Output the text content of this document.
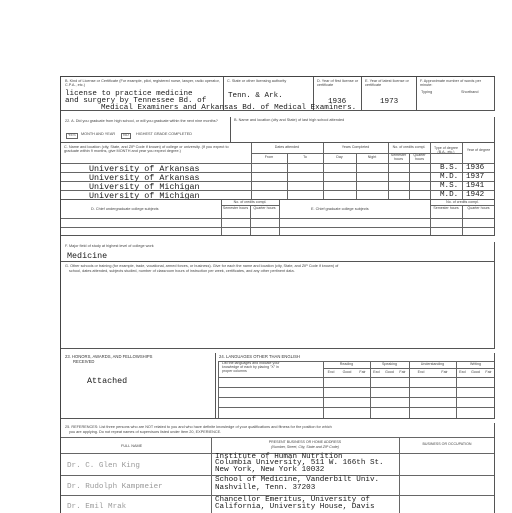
B. Kind of License or Certificate (For example, pilot, registered nurse, lawyer, radio operator, C.P.A., etc.)
license to practice medicine
and surgery by Tennessee Bd. of
C. State or other licensing authority
Tenn. & Ark.
D. Year of first license or certificate
1936
E. Year of latest license or certificate
1973
F. Approximate number of words per minute:
Typing	Shorthand
Medical Examiners and Arkansas Bd. of Medical Examiners.
22. A. Did you graduate from high school, or will you graduate within the next nine months?
YES	MONTH AND YEAR	NO	HIGHEST GRADE COMPLETED
B. Name and location (city and State) of last high school attended
C. Name and location (city, State, and ZIP Code if known) of college or university. (If you expect to graduate within 9 months, give MONTH and year you expect degree.)
Dates attended
From	To
Years Completed
Day	Night
No. of credits compl.
Semester hours
Quarter hours
Type of degree (B.A., etc.)	Year of degree
University of Arkansas	B.S. 1936
University of Arkansas	M.D. 1937
University of Michigan	M.S. 1941
University of Michigan	M.D. 1942
D. Chief undergraduate college subjects
No. of credits compl.
Semester hours	Quarter hours	E. Chief graduate college subjects
No. of credits compl.
Semester hours	Quarter hours
F. Major field of study at highest level of college work
Medicine
G. Other schools or training (for example, trade, vocational, armed forces, or business). Give for each the name and location (city, State, and ZIP Code if known) of
school, dates attended, subjects studied, number of classroom hours of instruction per week, certificates, and any other pertinent data.
23. HONORS, AWARDS, AND FELLOWSHIPS
RECEIVED
Attached
24. LANGUAGES OTHER THAN ENGLISH
List the languages and indicate your knowledge of each by placing "X" in proper columns
Reading	Speaking	Understanding	Writing
Excl	Good	Fair	Excl	Good	Fair	Excl	Fair	Excl	Good	Fair
25. REFERENCES: List three persons who are NOT related to you and who have definite knowledge of your qualifications and fitness for the position for which
you are applying. Do not repeat names of supervisors listed under Item 20, EXPERIENCE.
FULL NAME
PRESENT BUSINESS OR HOME ADDRESS
(Number, Street, City, State and ZIP Code)
BUSINESS OR OCCUPATION
Dr. C. Glen King
Institute of Human Nutrition
Columbia University, 511 W. 166th St.
New York, New York 10032
Dr. Rudolph Kampmeier
School of Medicine, Vanderbilt Univ.
Nashville, Tenn. 37203
Dr. Emil Mrak
Chancellor Emeritus, University of
California, University House, Davis
